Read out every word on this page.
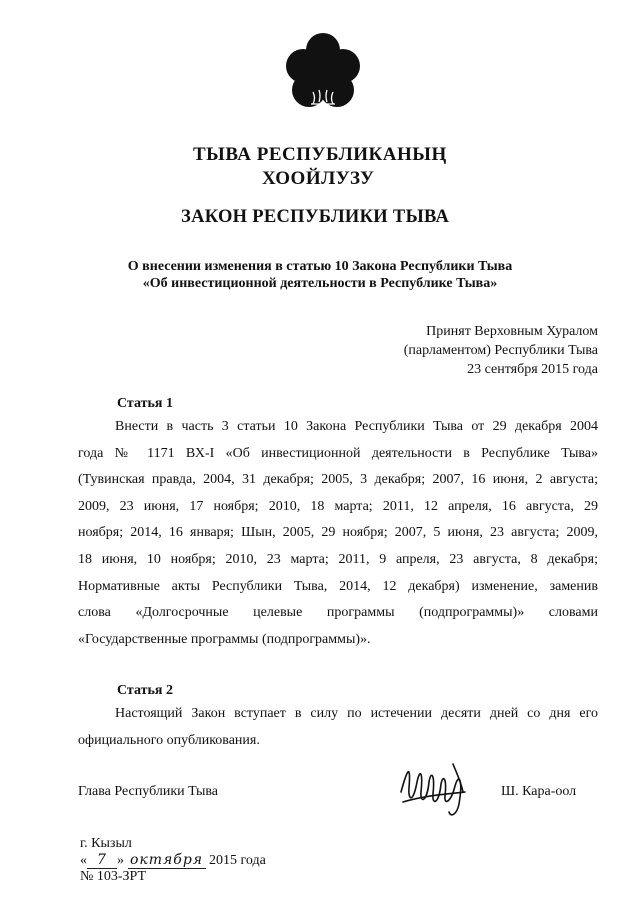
ТЫВА РЕСПУБЛИКАНЫҢ
ХООЙЛУЗУ
ЗАКОН РЕСПУБЛИКИ ТЫВА
О внесении изменения в статью 10 Закона Республики Тыва
«Об инвестиционной деятельности в Республике Тыва»
Принят Верховным Хуралом
(парламентом) Республики Тыва
23 сентября 2015 года
Статья 1
Внести в часть 3 статьи 10 Закона Республики Тыва от 29 декабря 2004
года № 1171 ВХ-I «Об инвестиционной деятельности в Республике Тыва»
(Тувинская правда, 2004, 31 декабря; 2005, 3 декабря; 2007, 16 июня, 2 августа;
2009, 23 июня, 17 ноября; 2010, 18 марта; 2011, 12 апреля, 16 августа, 29
ноября; 2014, 16 января; Шын, 2005, 29 ноября; 2007, 5 июня, 23 августа; 2009,
18 июня, 10 ноября; 2010, 23 марта; 2011, 9 апреля, 23 августа, 8 декабря;
Нормативные акты Республики Тыва, 2014, 12 декабря) изменение, заменив
слова «Долгосрочные целевые программы (подпрограммы)» словами
«Государственные программы (подпрограммы)».
Статья 2
Настоящий Закон вступает в силу по истечении десяти дней со дня его
официального опубликования.
Глава Республики Тыва	Ш. Кара-оол
г. Кызыл
« 7 » октября 2015 года
№ 103-ЗРТ
